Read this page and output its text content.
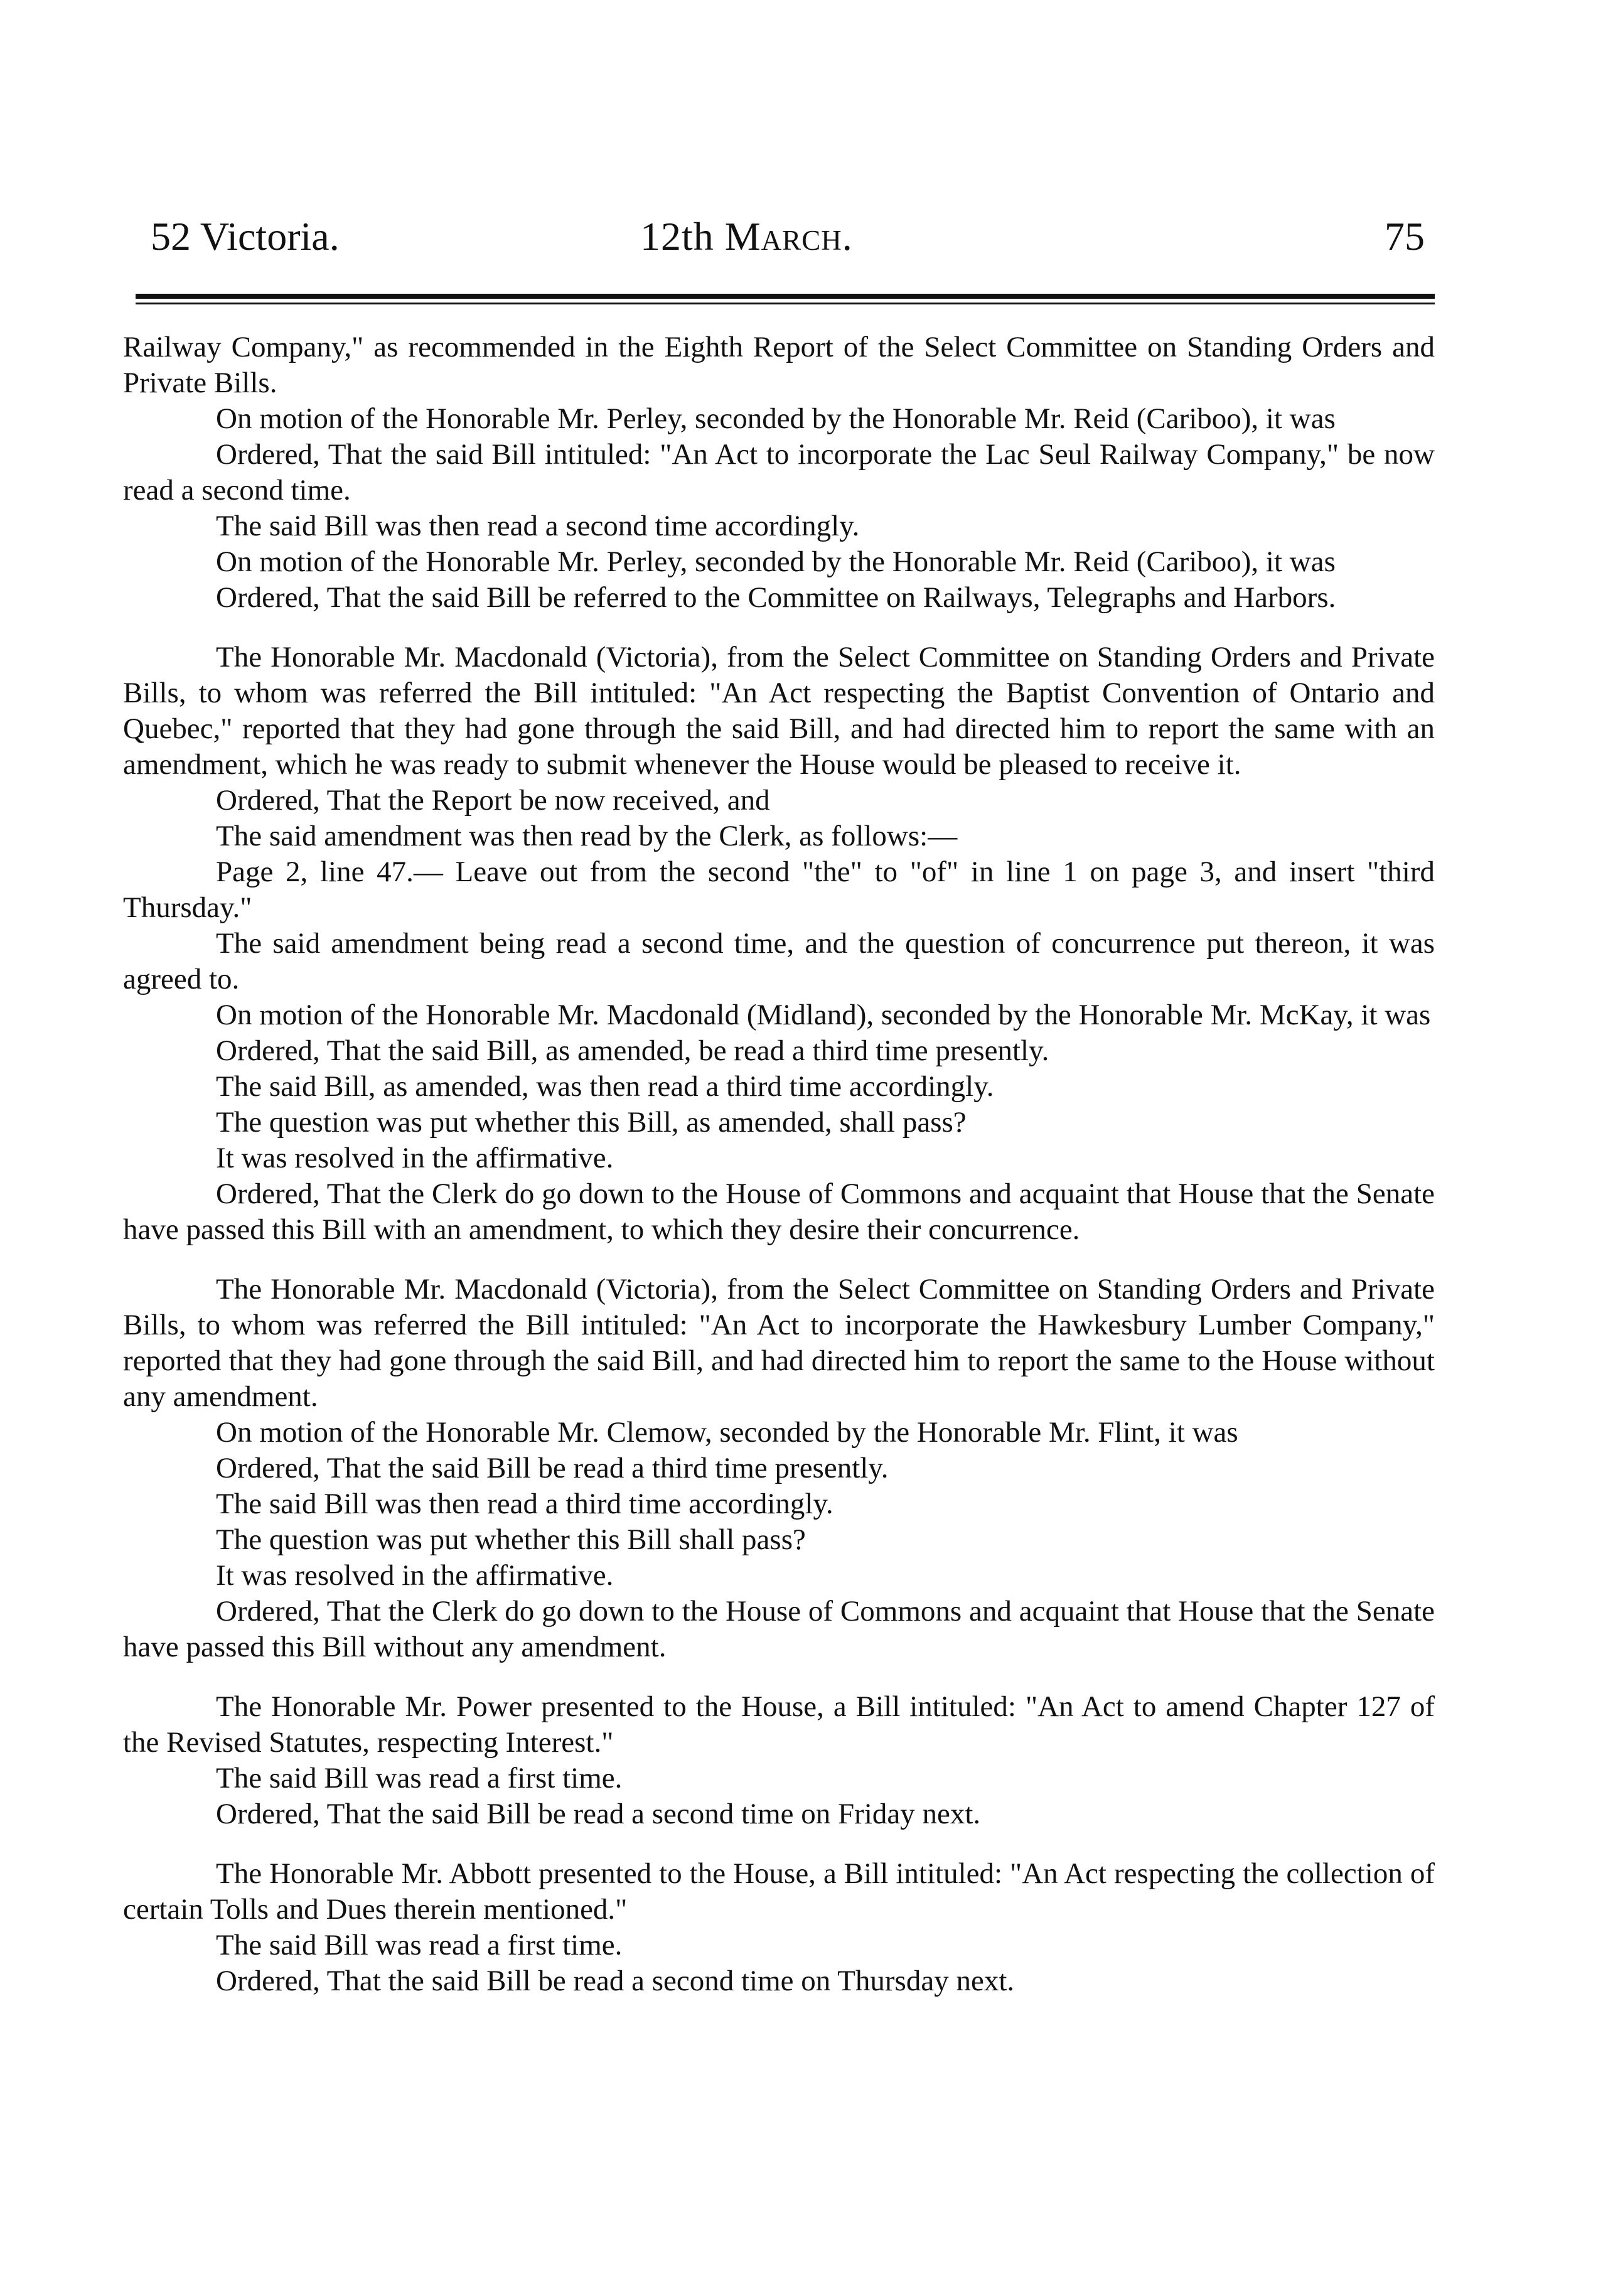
52 Victoria.	12th March.	75

Railway Company," as recommended in the Eighth Report of the Select Committee on Standing Orders and Private Bills.

On motion of the Honorable Mr. Perley, seconded by the Honorable Mr. Reid (Cariboo), it was

Ordered, That the said Bill intituled: "An Act to incorporate the Lac Seul Railway Company," be now read a second time.

The said Bill was then read a second time accordingly.

On motion of the Honorable Mr. Perley, seconded by the Honorable Mr. Reid (Cariboo), it was

Ordered, That the said Bill be referred to the Committee on Railways, Telegraphs and Harbors.

The Honorable Mr. Macdonald (Victoria), from the Select Committee on Standing Orders and Private Bills, to whom was referred the Bill intituled: "An Act respecting the Baptist Convention of Ontario and Quebec," reported that they had gone through the said Bill, and had directed him to report the same with an amendment, which he was ready to submit whenever the House would be pleased to receive it.

Ordered, That the Report be now received, and

The said amendment was then read by the Clerk, as follows:—

Page 2, line 47.— Leave out from the second "the" to "of" in line 1 on page 3, and insert "third Thursday."

The said amendment being read a second time, and the question of concurrence put thereon, it was agreed to.

On motion of the Honorable Mr. Macdonald (Midland), seconded by the Honorable Mr. McKay, it was

Ordered, That the said Bill, as amended, be read a third time presently.

The said Bill, as amended, was then read a third time accordingly.

The question was put whether this Bill, as amended, shall pass?

It was resolved in the affirmative.

Ordered, That the Clerk do go down to the House of Commons and acquaint that House that the Senate have passed this Bill with an amendment, to which they desire their concurrence.

The Honorable Mr. Macdonald (Victoria), from the Select Committee on Standing Orders and Private Bills, to whom was referred the Bill intituled: "An Act to incorporate the Hawkesbury Lumber Company," reported that they had gone through the said Bill, and had directed him to report the same to the House without any amendment.

On motion of the Honorable Mr. Clemow, seconded by the Honorable Mr. Flint, it was

Ordered, That the said Bill be read a third time presently.

The said Bill was then read a third time accordingly.

The question was put whether this Bill shall pass?

It was resolved in the affirmative.

Ordered, That the Clerk do go down to the House of Commons and acquaint that House that the Senate have passed this Bill without any amendment.

The Honorable Mr. Power presented to the House, a Bill intituled: "An Act to amend Chapter 127 of the Revised Statutes, respecting Interest."

The said Bill was read a first time.

Ordered, That the said Bill be read a second time on Friday next.

The Honorable Mr. Abbott presented to the House, a Bill intituled: "An Act respecting the collection of certain Tolls and Dues therein mentioned."

The said Bill was read a first time.

Ordered, That the said Bill be read a second time on Thursday next.
